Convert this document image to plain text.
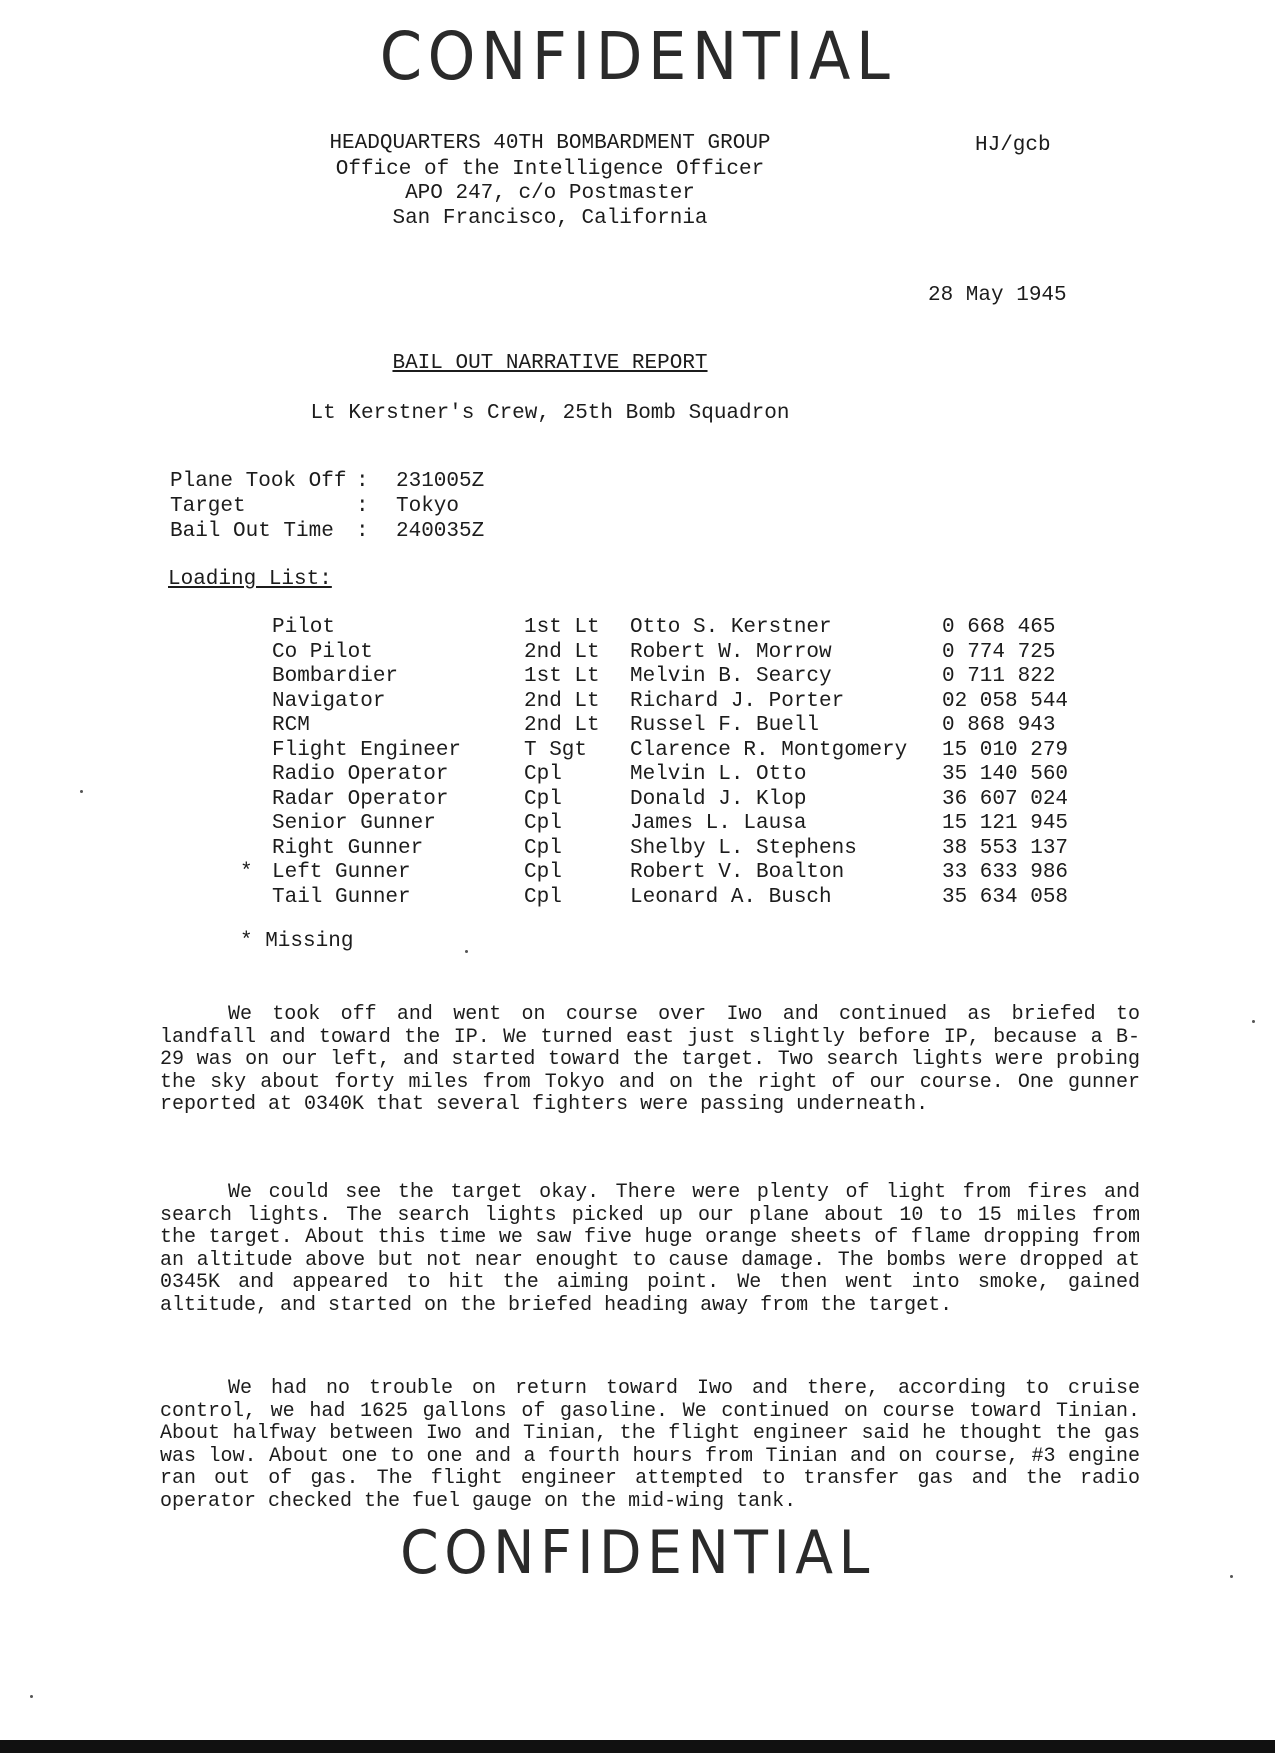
CONFIDENTIAL
HEADQUARTERS 40TH BOMBARDMENT GROUP
Office of the Intelligence Officer
APO 247, c/o Postmaster
San Francisco, California
HJ/gcb
28 May 1945
BAIL OUT NARRATIVE REPORT
Lt Kerstner's Crew, 25th Bomb Squadron
Plane Took Off : 231005Z
Target	: Tokyo
Bail Out Time : 240035Z
Loading List:
Pilot	1st Lt Otto S. Kerstner	0 668 465
Co Pilot	2nd Lt Robert W. Morrow	0 774 725
Bombardier	1st Lt Melvin B. Searcy	0 711 822
Navigator	2nd Lt Richard J. Porter	02 058 544
RCM	2nd Lt Russel F. Buell	0 868 943
Flight Engineer	T Sgt Clarence R. Montgomery 15 010 279
Radio Operator	Cpl	Melvin L. Otto	35 140 560
Radar Operator	Cpl	Donald J. Klop	36 607 024
Senior Gunner	Cpl	James L. Lausa	15 121 945
Right Gunner	Cpl	Shelby L. Stephens	38 553 137
* Left Gunner	Cpl	Robert V. Boalton	33 633 986
Tail Gunner	Cpl	Leonard A. Busch	35 634 058
* Missing

We took off and went on course over Iwo and continued as briefed to landfall and toward the IP. We turned east just slightly before IP, because a B-29 was on our left, and started toward the target. Two search lights were probing the sky about forty miles from Tokyo and on the right of our course. One gunner reported at 0340K that several fighters were passing underneath.

We could see the target okay. There were plenty of light from fires and search lights. The search lights picked up our plane about 10 to 15 miles from the target. About this time we saw five huge orange sheets of flame dropping from an altitude above but not near enought to cause damage. The bombs were dropped at 0345K and appeared to hit the aiming point. We then went into smoke, gained altitude, and started on the briefed heading away from the target.

We had no trouble on return toward Iwo and there, according to cruise control, we had 1625 gallons of gasoline. We continued on course toward Tinian. About halfway between Iwo and Tinian, the flight engineer said he thought the gas was low. About one to one and a fourth hours from Tinian and on course, #3 engine ran out of gas. The flight engineer attempted to transfer gas and the radio operator checked the fuel gauge on the mid-wing tank.

CONFIDENTIAL
